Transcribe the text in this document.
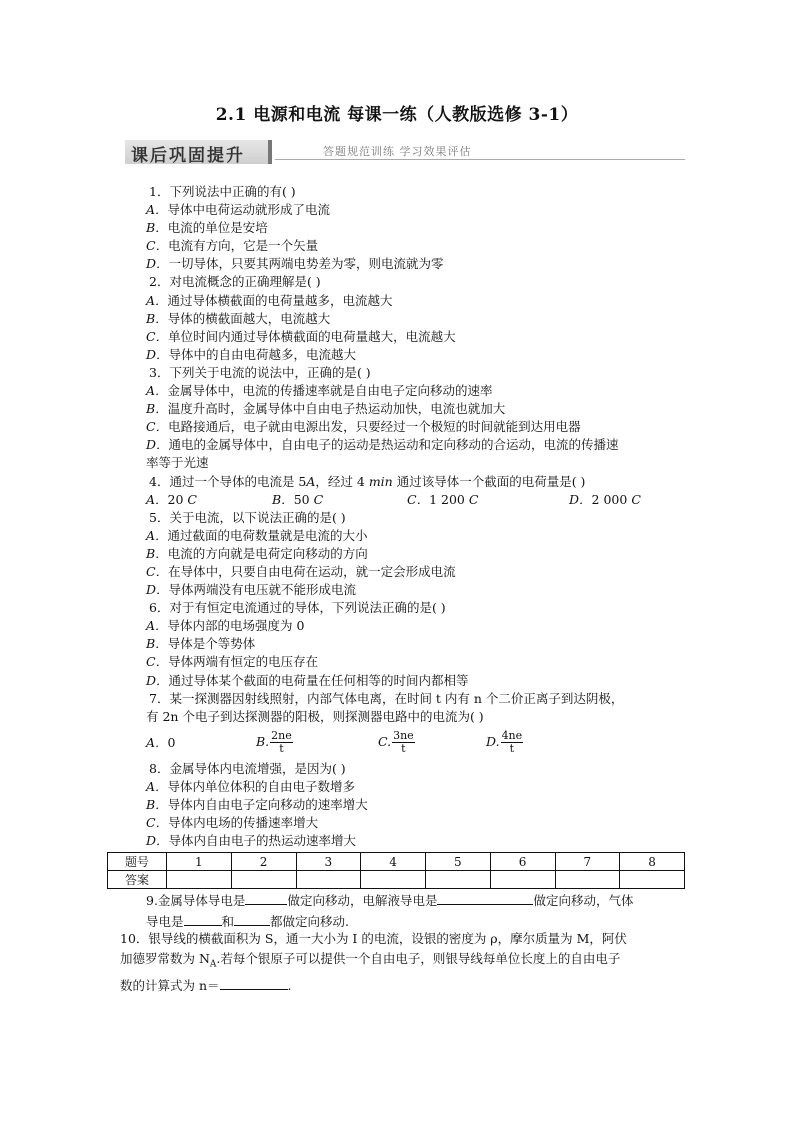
2.1 电源和电流 每课一练（人教版选修 3-1）
课后巩固提升	答题规范训练 学习效果评估
1．下列说法中正确的有( )
A．导体中电荷运动就形成了电流
B．电流的单位是安培
C．电流有方向，它是一个矢量
D．一切导体，只要其两端电势差为零，则电流就为零
2．对电流概念的正确理解是( )
A．通过导体横截面的电荷量越多，电流越大
B．导体的横截面越大，电流越大
C．单位时间内通过导体横截面的电荷量越大，电流越大
D．导体中的自由电荷越多，电流越大
3．下列关于电流的说法中，正确的是( )
A．金属导体中，电流的传播速率就是自由电子定向移动的速率
B．温度升高时，金属导体中自由电子热运动加快，电流也就加大
C．电路接通后，电子就由电源出发，只要经过一个极短的时间就能到达用电器
D．通电的金属导体中，自由电子的运动是热运动和定向移动的合运动，电流的传播速
率等于光速
4．通过一个导体的电流是 5A，经过 4 min 通过该导体一个截面的电荷量是( )
A．20 C	B．50 C	C．1 200 C	D．2 000 C
5．关于电流，以下说法正确的是( )
A．通过截面的电荷数量就是电流的大小
B．电流的方向就是电荷定向移动的方向
C．在导体中，只要自由电荷在运动，就一定会形成电流
D．导体两端没有电压就不能形成电流
6．对于有恒定电流通过的导体，下列说法正确的是( )
A．导体内部的电场强度为 0
B．导体是个等势体
C．导体两端有恒定的电压存在
D．通过导体某个截面的电荷量在任何相等的时间内都相等
7．某一探测器因射线照射，内部气体电离，在时间 t 内有 n 个二价正离子到达阴极，
有 2n 个电子到达探测器的阳极，则探测器电路中的电流为( )
A．0	B. $\frac{2ne}{t}$	C. $\frac{3ne}{t}$	D. $\frac{4ne}{t}$
8．金属导体内电流增强，是因为( )
A．导体内单位体积的自由电子数增多
B．导体内自由电子定向移动的速率增大
C．导体内电场的传播速率增大
D．导体内自由电子的热运动速率增大
题号	1	2	3	4	5	6	7	8
答案								
9.金属导体导电是	做定向移动，电解液导电是	做定向移动，气体
导电是	和	都做定向移动.
10．银导线的横截面积为 S，通一大小为 I 的电流，设银的密度为 ρ，摩尔质量为 M，阿伏
加德罗常数为 $N_A$.若每个银原子可以提供一个自由电子，则银导线每单位长度上的自由电子
数的计算式为 n＝	.
